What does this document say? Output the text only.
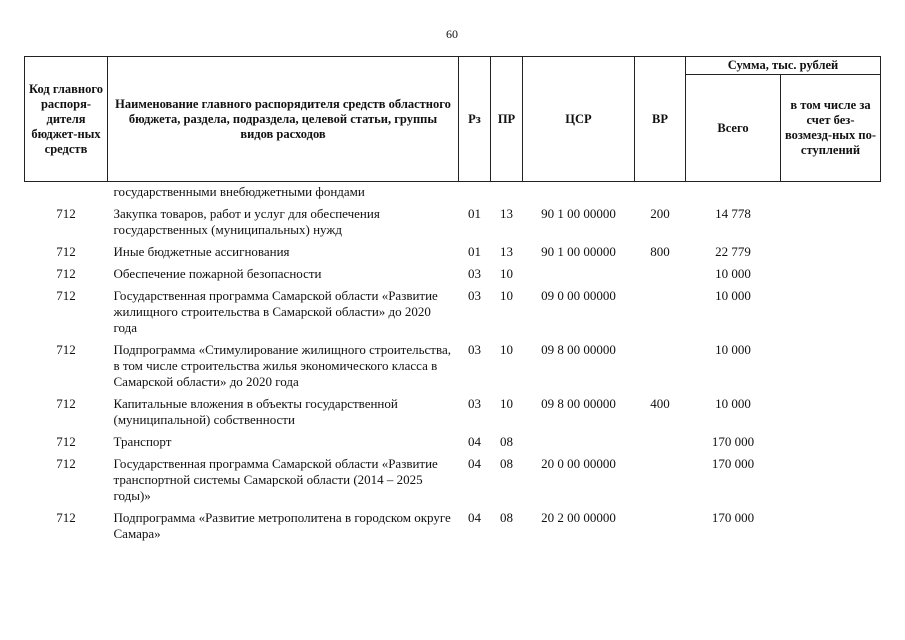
60
Код главного распоря-дителя бюджет-ных средств	Наименование главного распорядителя средств областного бюджета, раздела, подраздела, целевой статьи, группы видов расходов	Рз	ПР	ЦСР	ВР	Сумма, тыс. рублей	
						Всего	в том числе за счет без-возмезд-ных по-ступлений
	государственными внебюджетными фондами						
712	Закупка товаров, работ и услуг для обеспечения государственных (муниципальных) нужд	01	13	90 1 00 00000	200	14 778	
712	Иные бюджетные ассигнования	01	13	90 1 00 00000	800	22 779	
712	Обеспечение пожарной безопасности	03	10			10 000	
712	Государственная программа Самарской области «Развитие жилищного строительства в Самарской области» до 2020 года	03	10	09 0 00 00000		10 000	
712	Подпрограмма «Стимулирование жилищного строительства, в том числе строительства жилья экономического класса в Самарской области» до 2020 года	03	10	09 8 00 00000		10 000	
712	Капитальные вложения в объекты государственной (муниципальной) собственности	03	10	09 8 00 00000	400	10 000	
712	Транспорт	04	08			170 000	
712	Государственная программа Самарской области «Развитие транспортной системы Самарской области (2014 – 2025 годы)»	04	08	20 0 00 00000		170 000	
712	Подпрограмма «Развитие метрополитена в городском округе Самара»	04	08	20 2 00 00000		170 000	
